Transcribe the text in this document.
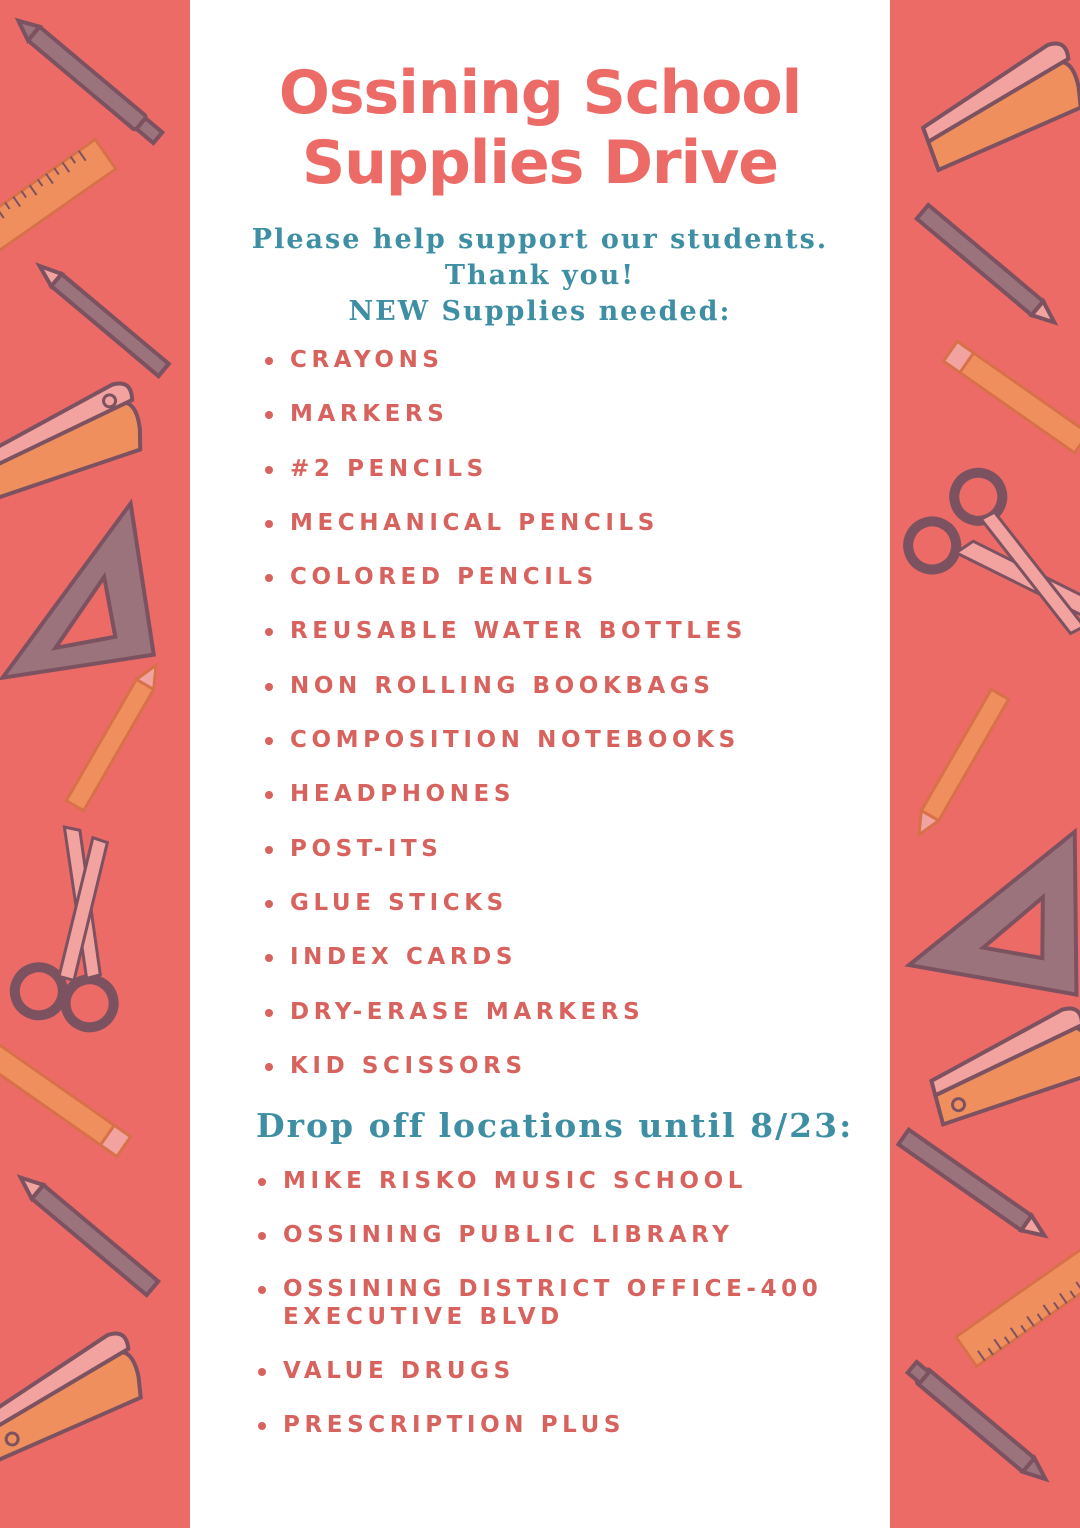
Ossining School
Supplies Drive
Please help support our students.
Thank you!
NEW Supplies needed:
CRAYONS
MARKERS
#2 PENCILS
MECHANICAL PENCILS
COLORED PENCILS
REUSABLE WATER BOTTLES
NON ROLLING BOOKBAGS
COMPOSITION NOTEBOOKS
HEADPHONES
POST-ITS
GLUE STICKS
INDEX CARDS
DRY-ERASE MARKERS
KID SCISSORS
Drop off locations until 8/23:
MIKE RISKO MUSIC SCHOOL
OSSINING PUBLIC LIBRARY
OSSINING DISTRICT OFFICE-400 EXECUTIVE BLVD
VALUE DRUGS
PRESCRIPTION PLUS
